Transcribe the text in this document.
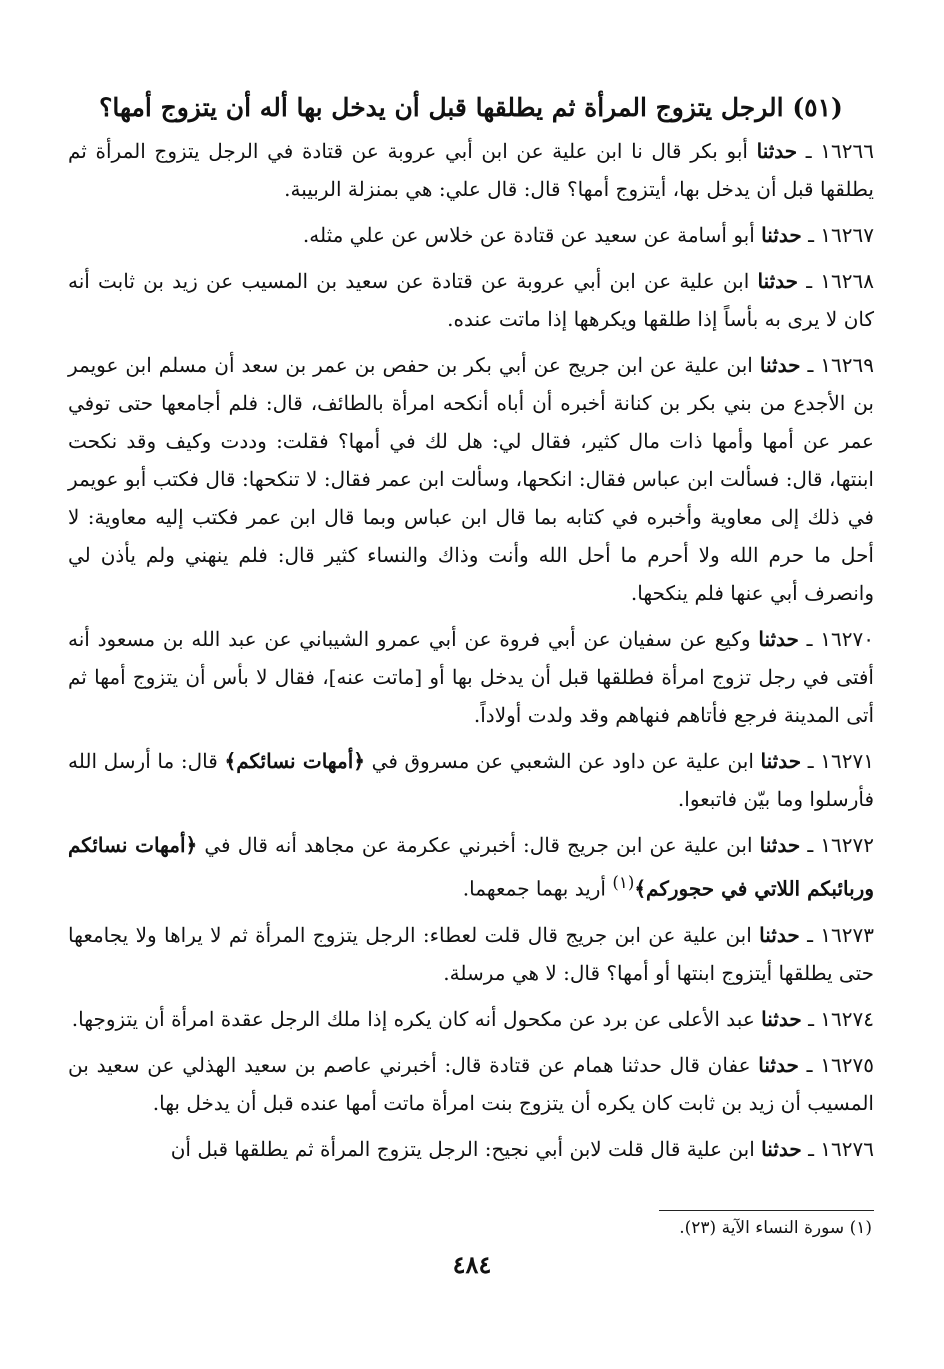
(٥١) الرجل يتزوج المرأة ثم يطلقها قبل أن يدخل بها أله أن يتزوج أمها؟

١٦٢٦٦ ـ حدثنا أبو بكر قال نا ابن علية عن ابن أبي عروبة عن قتادة في الرجل يتزوج المرأة ثم يطلقها قبل أن يدخل بها، أيتزوج أمها؟ قال: قال علي: هي بمنزلة الربيبة.

١٦٢٦٧ ـ حدثنا أبو أسامة عن سعيد عن قتادة عن خلاس عن علي مثله.

١٦٢٦٨ ـ حدثنا ابن علية عن ابن أبي عروبة عن قتادة عن سعيد بن المسيب عن زيد بن ثابت أنه كان لا يرى به بأساً إذا طلقها ويكرهها إذا ماتت عنده.

١٦٢٦٩ ـ حدثنا ابن علية عن ابن جريج عن أبي بكر بن حفص بن عمر بن سعد أن مسلم ابن عويمر بن الأجدع من بني بكر بن كنانة أخبره أن أباه أنكحه امرأة بالطائف، قال: فلم أجامعها حتى توفي عمر عن أمها وأمها ذات مال كثير، فقال لي: هل لك في أمها؟ فقلت: وددت وكيف وقد نكحت ابنتها، قال: فسألت ابن عباس فقال: انكحها، وسألت ابن عمر فقال: لا تنكحها: قال فكتب أبو عويمر في ذلك إلى معاوية وأخبره في كتابه بما قال ابن عباس وبما قال ابن عمر فكتب إليه معاوية: لا أحل ما حرم الله ولا أحرم ما أحل الله وأنت وذاك والنساء كثير قال: فلم ينهني ولم يأذن لي وانصرف أبي عنها فلم ينكحها.

١٦٢٧٠ ـ حدثنا وكيع عن سفيان عن أبي فروة عن أبي عمرو الشيباني عن عبد الله بن مسعود أنه أفتى في رجل تزوج امرأة فطلقها قبل أن يدخل بها أو [ماتت عنه]، فقال لا بأس أن يتزوج أمها ثم أتى المدينة فرجع فأتاهم فنهاهم وقد ولدت أولاداً.

١٦٢٧١ ـ حدثنا ابن علية عن داود عن الشعبي عن مسروق في ﴿أمهات نسائكم﴾ قال: ما أرسل الله فأرسلوا وما بيّن فاتبعوا.

١٦٢٧٢ ـ حدثنا ابن علية عن ابن جريج قال: أخبرني عكرمة عن مجاهد أنه قال في ﴿أمهات نسائكم وربائبكم اللاتي في حجوركم﴾$^{(١)}$ أريد بهما جمعهما.

١٦٢٧٣ ـ حدثنا ابن علية عن ابن جريج قال قلت لعطاء: الرجل يتزوج المرأة ثم لا يراها ولا يجامعها حتى يطلقها أيتزوج ابنتها أو أمها؟ قال: لا هي مرسلة.

١٦٢٧٤ ـ حدثنا عبد الأعلى عن برد عن مكحول أنه كان يكره إذا ملك الرجل عقدة امرأة أن يتزوجها.

١٦٢٧٥ ـ حدثنا عفان قال حدثنا همام عن قتادة قال: أخبرني عاصم بن سعيد الهذلي عن سعيد بن المسيب أن زيد بن ثابت كان يكره أن يتزوج بنت امرأة ماتت أمها عنده قبل أن يدخل بها.

١٦٢٧٦ ـ حدثنا ابن علية قال قلت لابن أبي نجيح: الرجل يتزوج المرأة ثم يطلقها قبل أن

(١) سورة النساء الآية (٢٣).
٤٨٤
